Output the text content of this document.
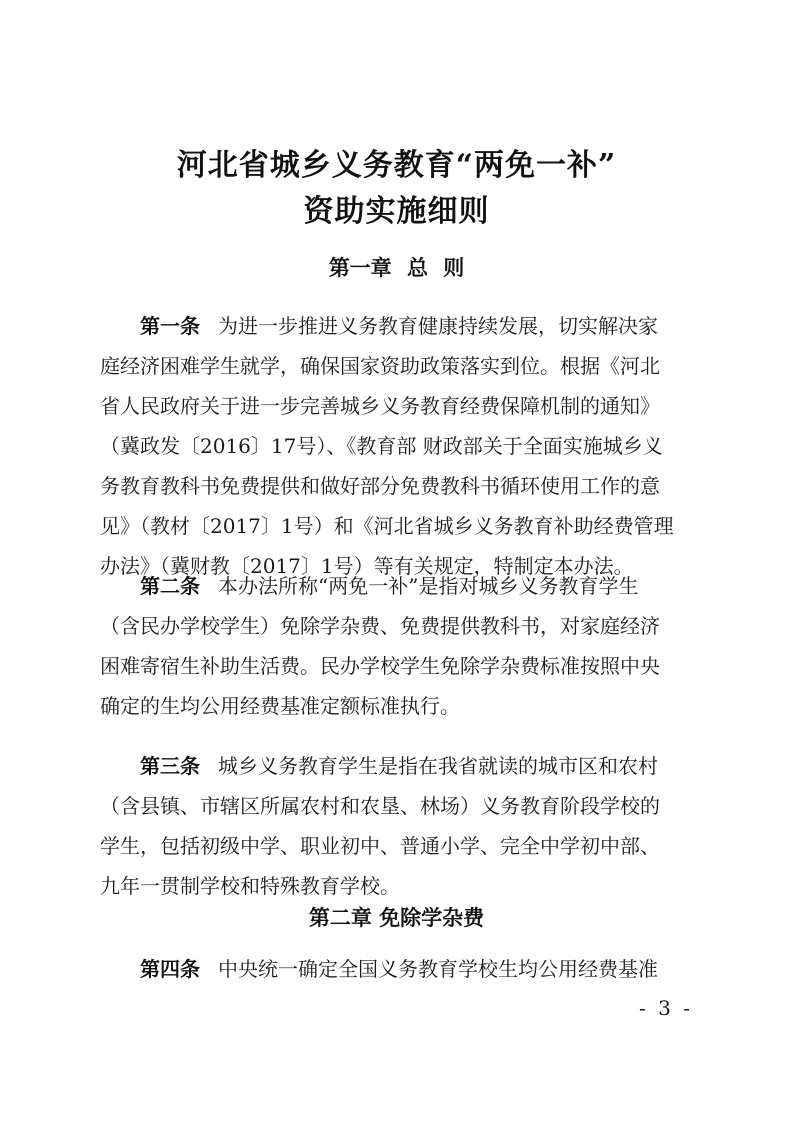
河北省城乡义务教育“两免一补”
资助实施细则
第一章 总 则
第一条 为进一步推进义务教育健康持续发展，切实解决家
庭经济困难学生就学，确保国家资助政策落实到位。根据《河北
省人民政府关于进一步完善城乡义务教育经费保障机制的通知》
（冀政发〔2016〕17号）、《教育部 财政部关于全面实施城乡义
务教育教科书免费提供和做好部分免费教科书循环使用工作的意
见》（教材〔2017〕1号）和《河北省城乡义务教育补助经费管理
办法》（冀财教〔2017〕1号）等有关规定，特制定本办法。
第二条 本办法所称“两免一补”是指对城乡义务教育学生
（含民办学校学生）免除学杂费、免费提供教科书，对家庭经济
困难寄宿生补助生活费。民办学校学生免除学杂费标准按照中央
确定的生均公用经费基准定额标准执行。
第三条 城乡义务教育学生是指在我省就读的城市区和农村
（含县镇、市辖区所属农村和农垦、林场）义务教育阶段学校的
学生，包括初级中学、职业初中、普通小学、完全中学初中部、
九年一贯制学校和特殊教育学校。
第二章 免除学杂费
第四条 中央统一确定全国义务教育学校生均公用经费基准
- 3 -
